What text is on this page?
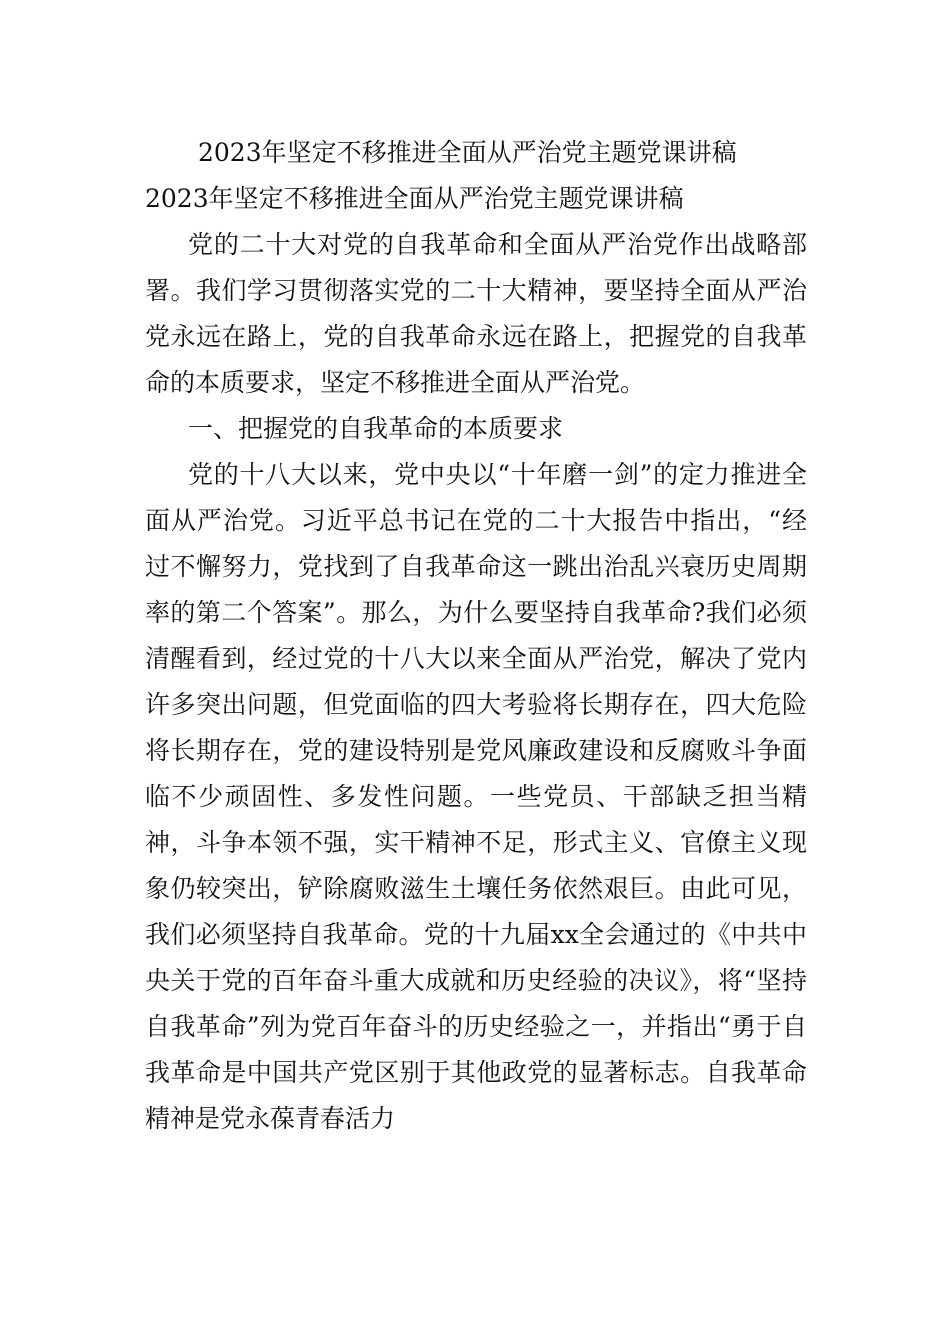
2023年坚定不移推进全面从严治党主题党课讲稿
2023年坚定不移推进全面从严治党主题党课讲稿

党的二十大对党的自我革命和全面从严治党作出战略部署。我们学习贯彻落实党的二十大精神，要坚持全面从严治党永远在路上，党的自我革命永远在路上，把握党的自我革命的本质要求，坚定不移推进全面从严治党。

一、把握党的自我革命的本质要求

党的十八大以来，党中央以“十年磨一剑”的定力推进全面从严治党。习近平总书记在党的二十大报告中指出，“经过不懈努力，党找到了自我革命这一跳出治乱兴衰历史周期率的第二个答案”。那么，为什么要坚持自我革命?我们必须清醒看到，经过党的十八大以来全面从严治党，解决了党内许多突出问题，但党面临的四大考验将长期存在，四大危险将长期存在，党的建设特别是党风廉政建设和反腐败斗争面临不少顽固性、多发性问题。一些党员、干部缺乏担当精神，斗争本领不强，实干精神不足，形式主义、官僚主义现象仍较突出，铲除腐败滋生土壤任务依然艰巨。由此可见，我们必须坚持自我革命。党的十九届xx全会通过的《中共中央关于党的百年奋斗重大成就和历史经验的决议》，将“坚持自我革命”列为党百年奋斗的历史经验之一，并指出“勇于自我革命是中国共产党区别于其他政党的显著标志。自我革命精神是党永葆青春活力
